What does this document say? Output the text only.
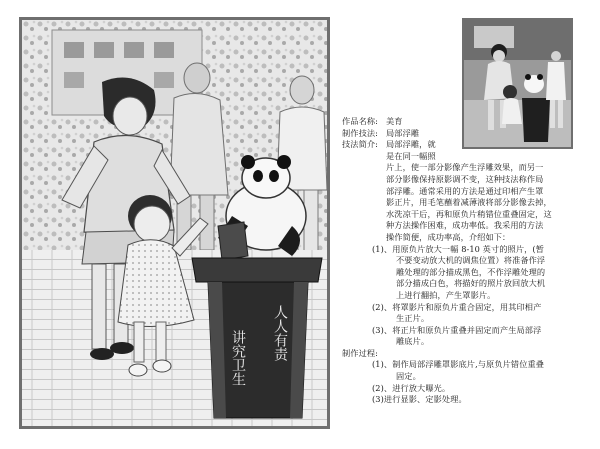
讲究卫生 人人有责
作品名称: 美育
制作技法: 局部浮雕
技法简介: 局部浮雕，就
是在同一幅照
片上，使一部分影像产生浮雕效果，而另一
部分影像保持原影调不变，这种技法称作局
部浮雕。通常采用的方法是通过印相产生罩
影正片，用毛笔蘸着减薄液将部分影像去掉，
水洗凉干后，再和原负片稍错位重叠固定，这
种方法操作困难，成功率低。我采用的方法
操作简便，成功率高，介绍如下：
(1)、用原负片放大一幅 8-10 英寸的照片，(暂
不要变动放大机的调焦位置）将准备作浮
雕处理的部分描成黑色，不作浮雕处理的
部分描成白色，将描好的照片放回放大机
上进行翻拍，产生罩影片。
(2)、将罩影片和原负片重合固定，用其印相产
生正片。
(3)、将正片和原负片重叠并固定而产生局部浮
雕底片。
制作过程:
(1)、制作局部浮雕罩影底片,与原负片错位重叠
固定。
(2)、进行放大曝光。
(3)进行显影、定影处理。
